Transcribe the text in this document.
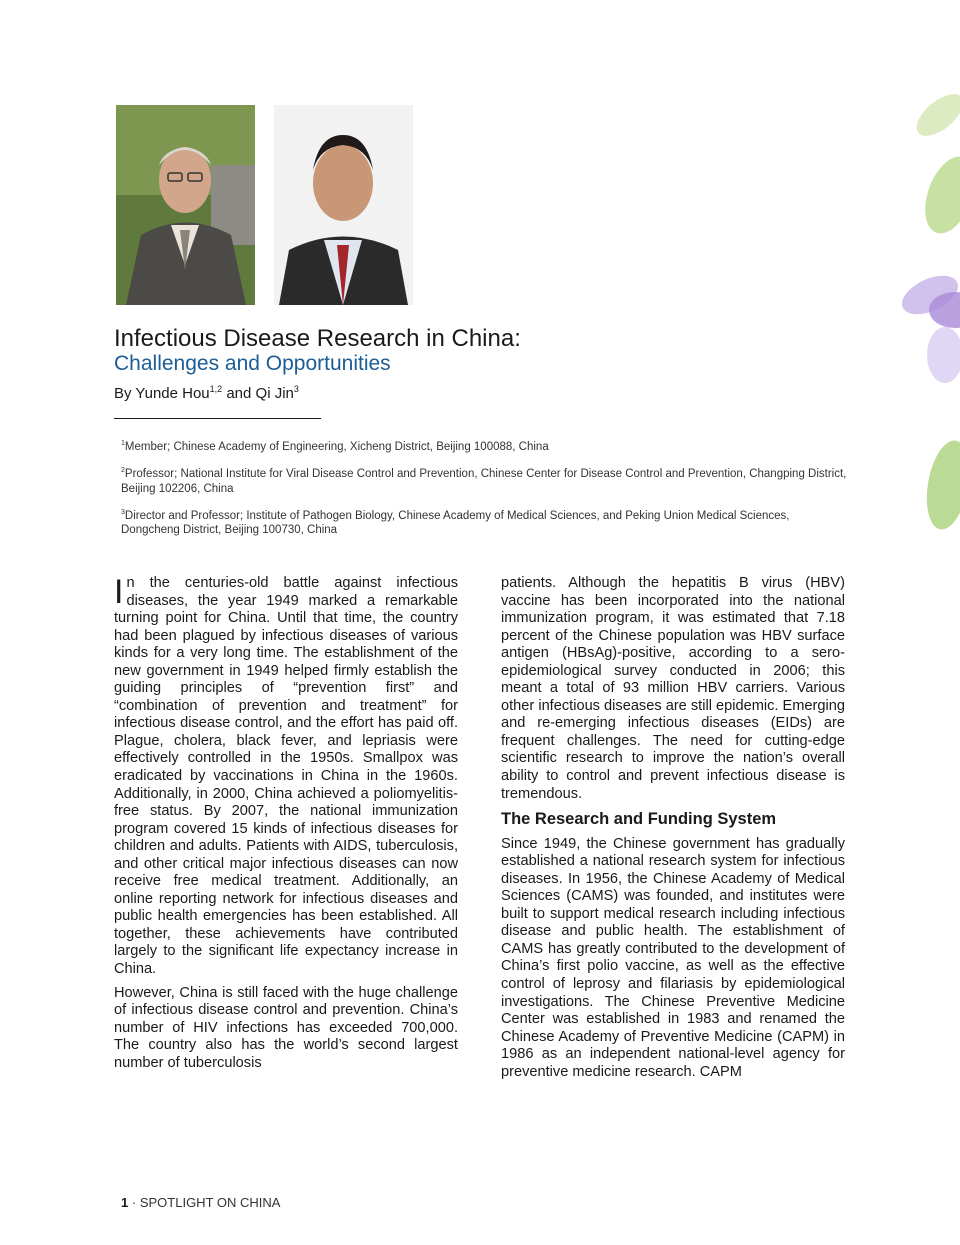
Infectious Disease Research in China:
Challenges and Opportunities

By Yunde Hou$^{1,2}$ and Qi Jin$^3$

$^1$Member; Chinese Academy of Engineering, Xicheng District, Beijing 100088, China

$^2$Professor; National Institute for Viral Disease Control and Prevention, Chinese Center for Disease Control and Prevention, Changping District, Beijing 102206, China

$^3$Director and Professor; Institute of Pathogen Biology, Chinese Academy of Medical Sciences, and Peking Union Medical Sciences, Dongcheng District, Beijing 100730, China

In the centuries-old battle against infectious diseases, the year 1949 marked a remarkable turning point for China. Until that time, the country had been plagued by infectious diseases of various kinds for a very long time. The establishment of the new government in 1949 helped firmly establish the guiding principles of “prevention first” and “combination of prevention and treatment” for infectious disease control, and the effort has paid off. Plague, cholera, black fever, and lepriasis were effectively controlled in the 1950s. Smallpox was eradicated by vaccinations in China in the 1960s. Additionally, in 2000, China achieved a poliomyelitis-free status. By 2007, the national immunization program covered 15 kinds of infectious diseases for children and adults. Patients with AIDS, tuberculosis, and other critical major infectious diseases can now receive free medical treatment. Additionally, an online reporting network for infectious diseases and public health emergencies has been established. All together, these achievements have contributed largely to the significant life expectancy increase in China.

However, China is still faced with the huge challenge of infectious disease control and prevention. China’s number of HIV infections has exceeded 700,000. The country also has the world’s second largest number of tuberculosis

patients. Although the hepatitis B virus (HBV) vaccine has been incorporated into the national immunization program, it was estimated that 7.18 percent of the Chinese population was HBV surface antigen (HBsAg)-positive, according to a sero-epidemiological survey conducted in 2006; this meant a total of 93 million HBV carriers. Various other infectious diseases are still epidemic. Emerging and re-emerging infectious diseases (EIDs) are frequent challenges. The need for cutting-edge scientific research to improve the nation’s overall ability to control and prevent infectious disease is tremendous.

The Research and Funding System

Since 1949, the Chinese government has gradually established a national research system for infectious diseases. In 1956, the Chinese Academy of Medical Sciences (CAMS) was founded, and institutes were built to support medical research including infectious disease and public health. The establishment of CAMS has greatly contributed to the development of China’s first polio vaccine, as well as the effective control of leprosy and filariasis by epidemiological investigations. The Chinese Preventive Medicine Center was established in 1983 and renamed the Chinese Academy of Preventive Medicine (CAPM) in 1986 as an independent national-level agency for preventive medicine research. CAPM

1 · SPOTLIGHT ON CHINA
